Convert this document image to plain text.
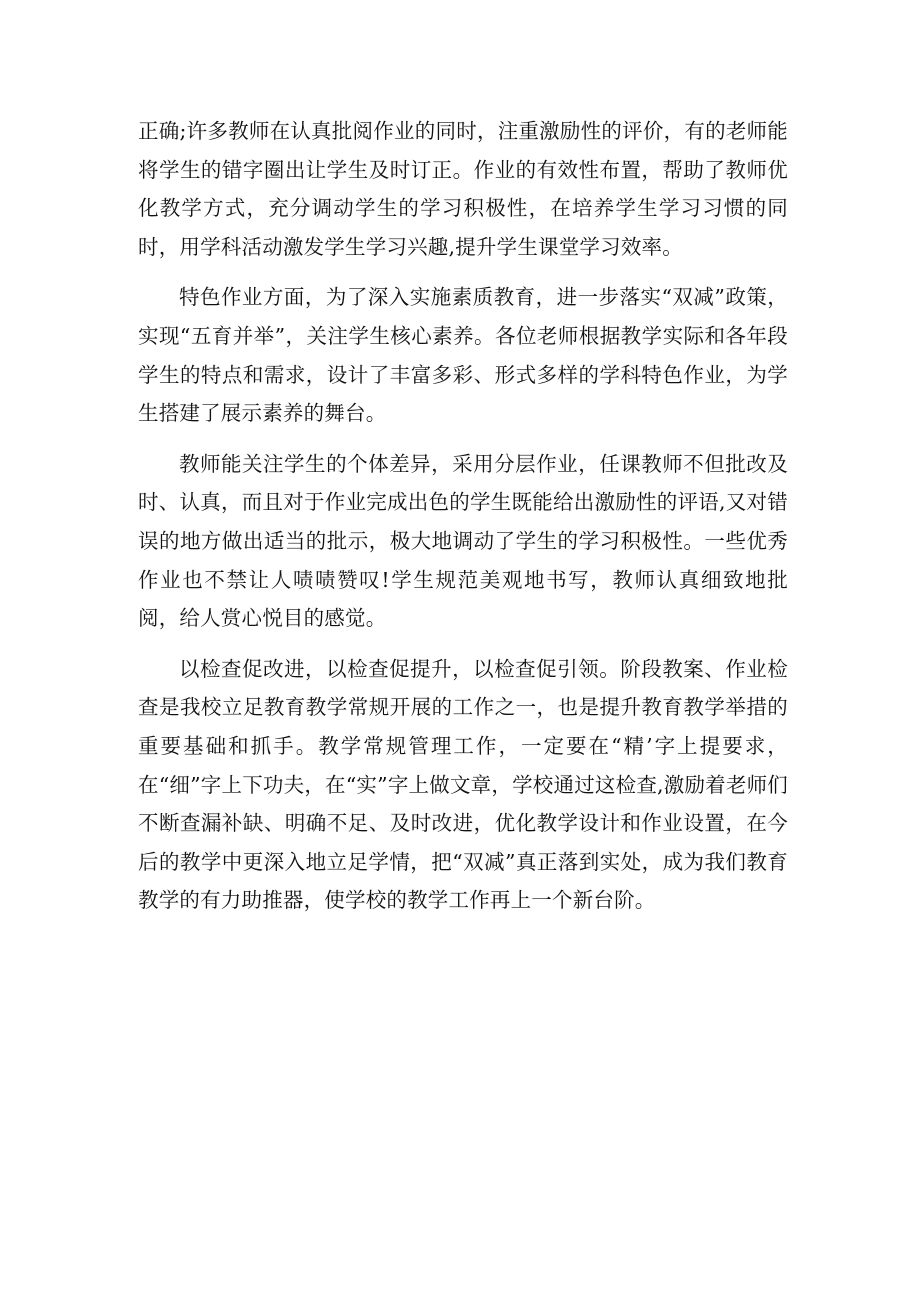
正确;许多教师在认真批阅作业的同时，注重激励性的评价，有的老师能将学生的错字圈出让学生及时订正。作业的有效性布置，帮助了教师优化教学方式，充分调动学生的学习积极性，在培养学生学习习惯的同时，用学科活动激发学生学习兴趣,提升学生课堂学习效率。

特色作业方面，为了深入实施素质教育，进一步落实“双减”政策，实现“五育并举”，关注学生核心素养。各位老师根据教学实际和各年段学生的特点和需求，设计了丰富多彩、形式多样的学科特色作业，为学生搭建了展示素养的舞台。

教师能关注学生的个体差异，采用分层作业，任课教师不但批改及时、认真，而且对于作业完成出色的学生既能给出激励性的评语,又对错误的地方做出适当的批示，极大地调动了学生的学习积极性。一些优秀作业也不禁让人啧啧赞叹!学生规范美观地书写，教师认真细致地批阅，给人赏心悦目的感觉。

以检查促改进，以检查促提升，以检查促引领。阶段教案、作业检查是我校立足教育教学常规开展的工作之一，也是提升教育教学举措的重要基础和抓手。教学常规管理工作，一定要在“精’字上提要求，在“细”字上下功夫，在“实”字上做文章，学校通过这检查,激励着老师们不断查漏补缺、明确不足、及时改进，优化教学设计和作业设置，在今后的教学中更深入地立足学情，把“双减”真正落到实处，成为我们教育教学的有力助推器，使学校的教学工作再上一个新台阶。
